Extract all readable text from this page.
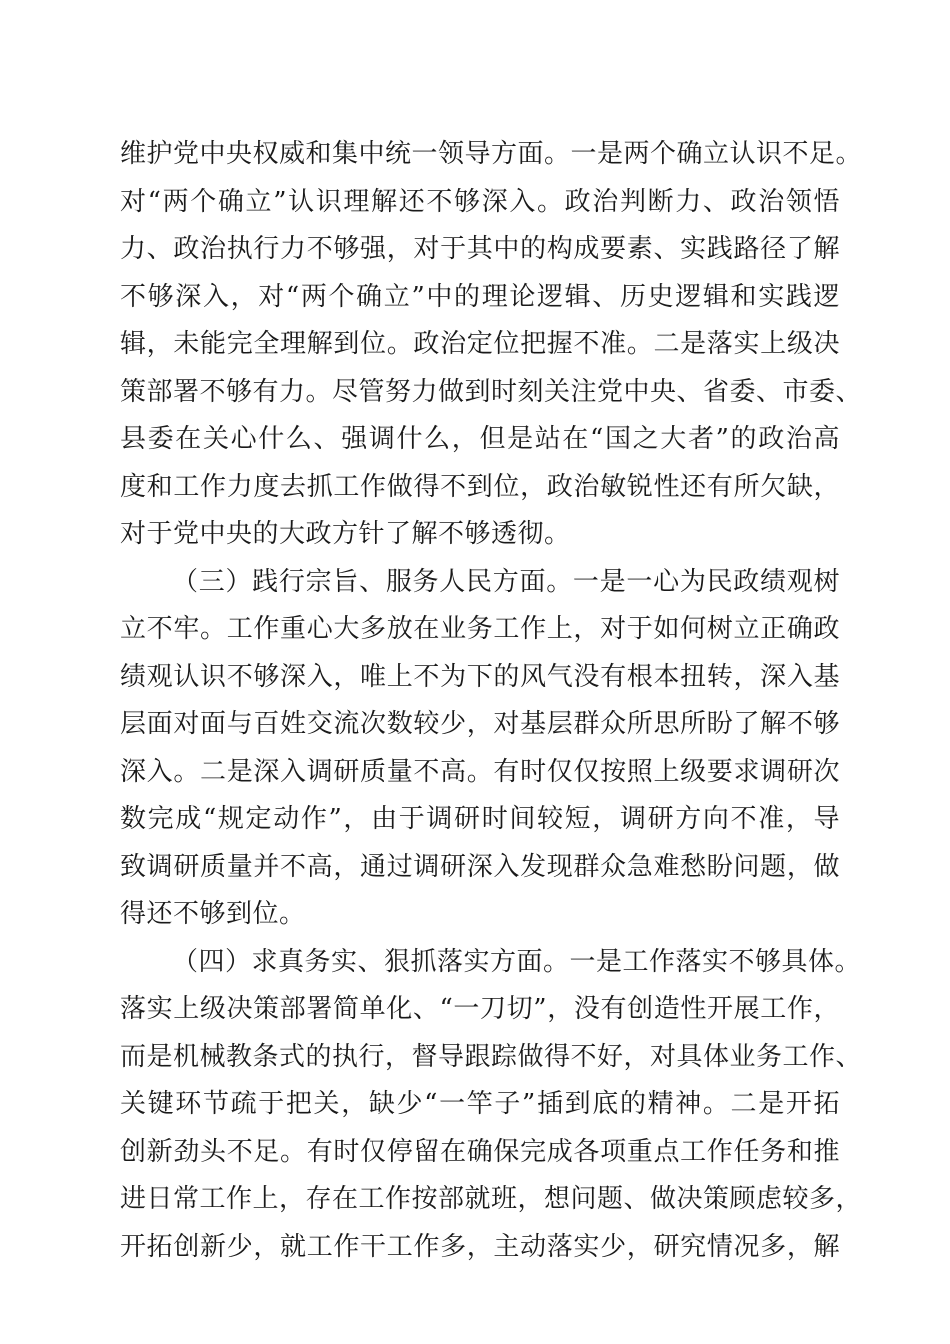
维护党中央权威和集中统一领导方面。一是两个确立认识不足。
对“两个确立”认识理解还不够深入。政治判断力、政治领悟
力、政治执行力不够强，对于其中的构成要素、实践路径了解
不够深入，对“两个确立”中的理论逻辑、历史逻辑和实践逻
辑，未能完全理解到位。政治定位把握不准。二是落实上级决
策部署不够有力。尽管努力做到时刻关注党中央、省委、市委、
县委在关心什么、强调什么，但是站在“国之大者”的政治高
度和工作力度去抓工作做得不到位，政治敏锐性还有所欠缺，
对于党中央的大政方针了解不够透彻。
（三）践行宗旨、服务人民方面。一是一心为民政绩观树
立不牢。工作重心大多放在业务工作上，对于如何树立正确政
绩观认识不够深入，唯上不为下的风气没有根本扭转，深入基
层面对面与百姓交流次数较少，对基层群众所思所盼了解不够
深入。二是深入调研质量不高。有时仅仅按照上级要求调研次
数完成“规定动作”，由于调研时间较短，调研方向不准，导
致调研质量并不高，通过调研深入发现群众急难愁盼问题，做
得还不够到位。
（四）求真务实、狠抓落实方面。一是工作落实不够具体。
落实上级决策部署简单化、“一刀切”，没有创造性开展工作，
而是机械教条式的执行，督导跟踪做得不好，对具体业务工作、
关键环节疏于把关，缺少“一竿子”插到底的精神。二是开拓
创新劲头不足。有时仅停留在确保完成各项重点工作任务和推
进日常工作上，存在工作按部就班，想问题、做决策顾虑较多，
开拓创新少，就工作干工作多，主动落实少，研究情况多，解
